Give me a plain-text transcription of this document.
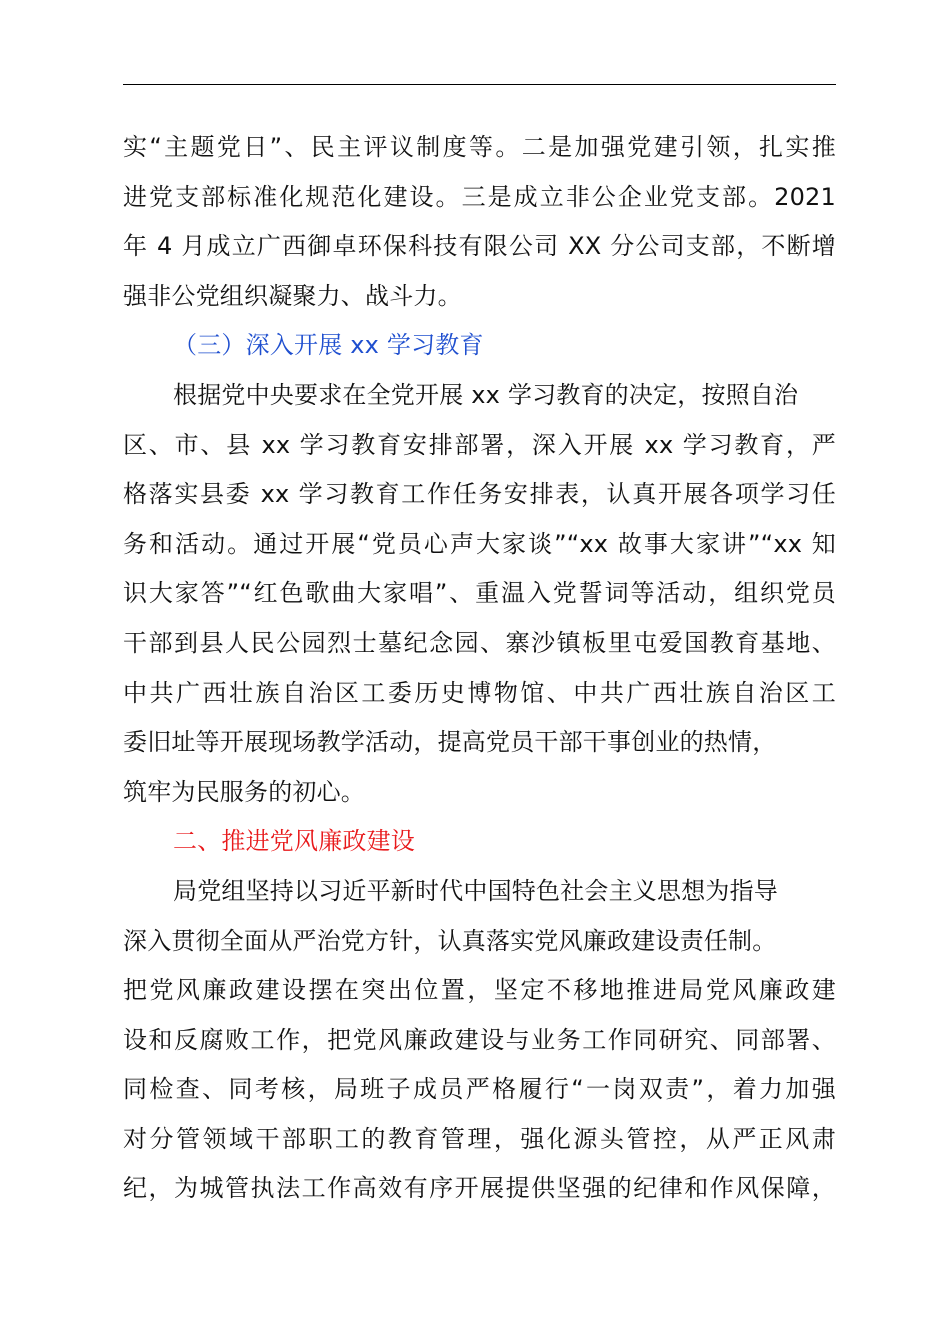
实“主题党日”、民主评议制度等。二是加强党建引领，扎实推
进党支部标准化规范化建设。三是成立非公企业党支部。2021
年 4 月成立广西御卓环保科技有限公司 XX 分公司支部，不断增
强非公党组织凝聚力、战斗力。
（三）深入开展 xx 学习教育
根据党中央要求在全党开展 xx 学习教育的决定，按照自治
区、市、县 xx 学习教育安排部署，深入开展 xx 学习教育，严
格落实县委 xx 学习教育工作任务安排表，认真开展各项学习任
务和活动。通过开展“党员心声大家谈”“xx 故事大家讲”“xx 知
识大家答”“红色歌曲大家唱”、重温入党誓词等活动，组织党员
干部到县人民公园烈士墓纪念园、寨沙镇板里屯爱国教育基地、
中共广西壮族自治区工委历史博物馆、中共广西壮族自治区工
委旧址等开展现场教学活动，提高党员干部干事创业的热情，
筑牢为民服务的初心。
二、推进党风廉政建设
局党组坚持以习近平新时代中国特色社会主义思想为指导
深入贯彻全面从严治党方针，认真落实党风廉政建设责任制。
把党风廉政建设摆在突出位置，坚定不移地推进局党风廉政建
设和反腐败工作，把党风廉政建设与业务工作同研究、同部署、
同检查、同考核，局班子成员严格履行“一岗双责”，着力加强
对分管领域干部职工的教育管理，强化源头管控，从严正风肃
纪，为城管执法工作高效有序开展提供坚强的纪律和作风保障，
